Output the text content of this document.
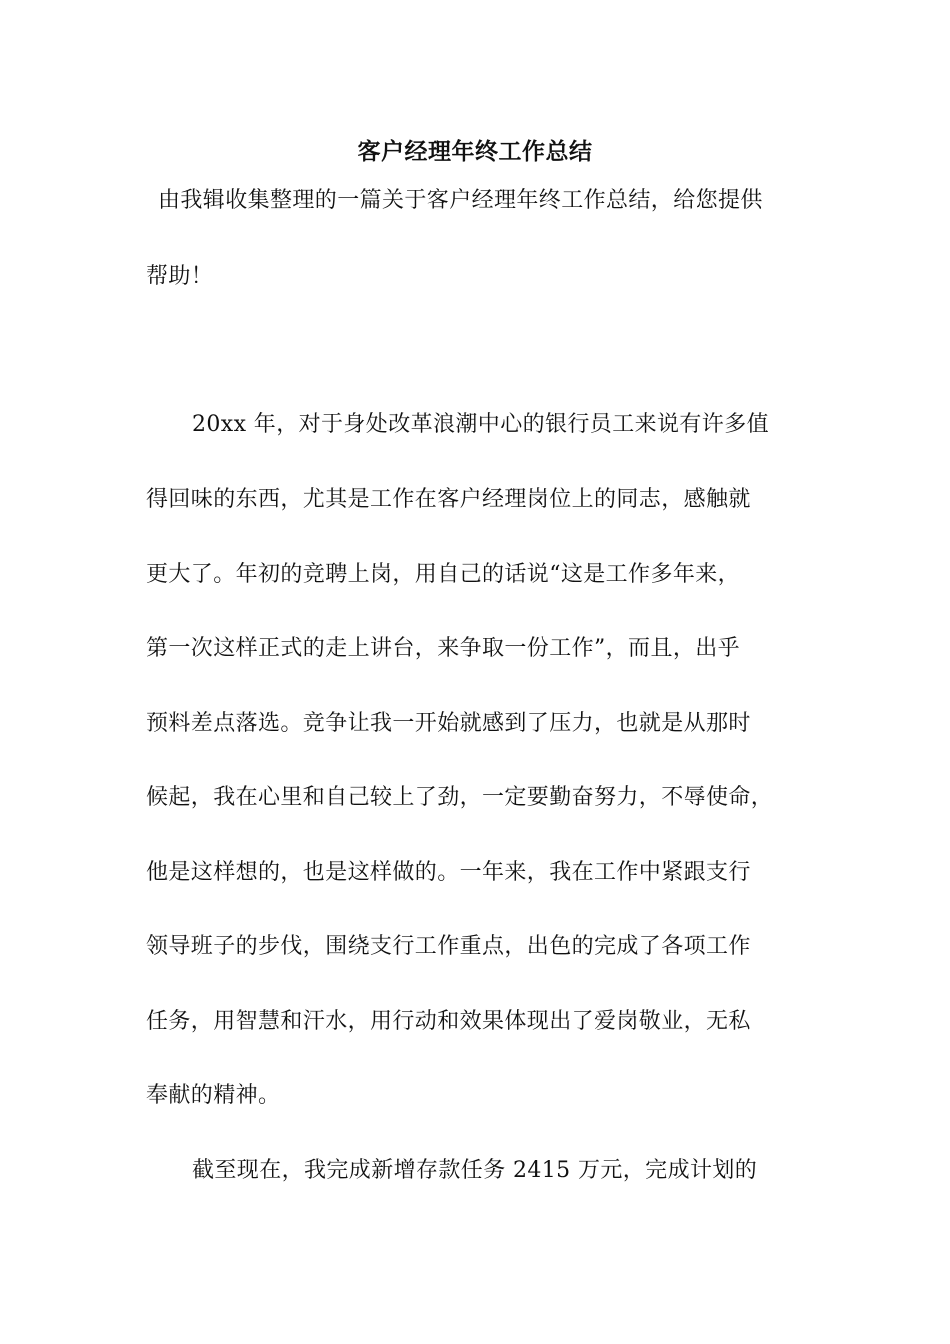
客户经理年终工作总结
由我辑收集整理的一篇关于客户经理年终工作总结，给您提供
帮助！
20xx 年，对于身处改革浪潮中心的银行员工来说有许多值
得回味的东西，尤其是工作在客户经理岗位上的同志，感触就
更大了。年初的竞聘上岗，用自己的话说“这是工作多年来，
第一次这样正式的走上讲台，来争取一份工作”，而且，出乎
预料差点落选。竞争让我一开始就感到了压力，也就是从那时
候起，我在心里和自己较上了劲，一定要勤奋努力，不辱使命，
他是这样想的，也是这样做的。一年来，我在工作中紧跟支行
领导班子的步伐，围绕支行工作重点，出色的完成了各项工作
任务，用智慧和汗水，用行动和效果体现出了爱岗敬业，无私
奉献的精神。
截至现在，我完成新增存款任务 2415 万元，完成计划的
